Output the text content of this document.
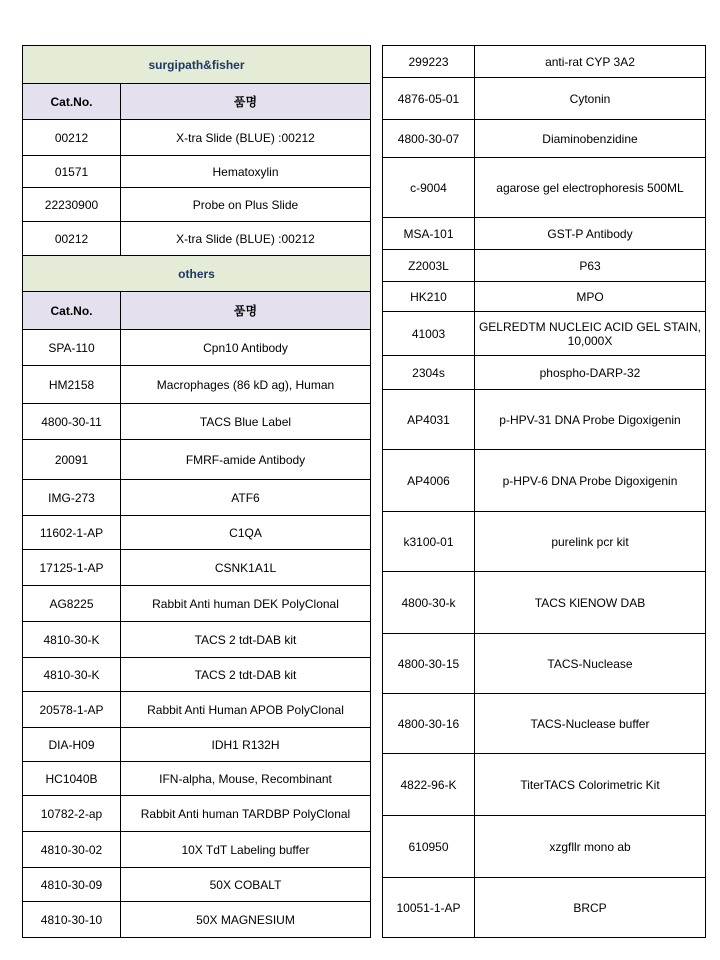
surgipath&fisher	
Cat.No.	품명
00212	X-tra Slide (BLUE) :00212
01571	Hematoxylin
22230900	Probe on Plus Slide
00212	X-tra Slide (BLUE) :00212
others	
Cat.No.	품명
SPA-110	Cpn10 Antibody
HM2158	Macrophages (86 kD ag), Human
4800-30-11	TACS Blue Label
20091	FMRF-amide Antibody
IMG-273	ATF6
11602-1-AP	C1QA
17125-1-AP	CSNK1A1L
AG8225	Rabbit Anti human DEK PolyClonal
4810-30-K	TACS 2 tdt-DAB kit
4810-30-K	TACS 2 tdt-DAB kit
20578-1-AP	Rabbit Anti Human APOB PolyClonal
DIA-H09	IDH1 R132H
HC1040B	IFN-alpha, Mouse, Recombinant
10782-2-ap	Rabbit Anti human TARDBP PolyClonal
4810-30-02	10X TdT Labeling buffer
4810-30-09	50X COBALT
4810-30-10	50X MAGNESIUM
299223	anti-rat CYP 3A2
4876-05-01	Cytonin
4800-30-07	Diaminobenzidine
c-9004	agarose gel electrophoresis 500ML
MSA-101	GST-P Antibody
Z2003L	P63
HK210	MPO
41003	GELREDTM NUCLEIC ACID GEL STAIN, 10,000X
2304s	phospho-DARP-32
AP4031	p-HPV-31 DNA Probe Digoxigenin
AP4006	p-HPV-6 DNA Probe Digoxigenin
k3100-01	purelink pcr kit
4800-30-k	TACS KlENOW DAB
4800-30-15	TACS-Nuclease
4800-30-16	TACS-Nuclease buffer
4822-96-K	TiterTACS Colorimetric Kit
610950	xzgfllr mono ab
10051-1-AP	BRCP
